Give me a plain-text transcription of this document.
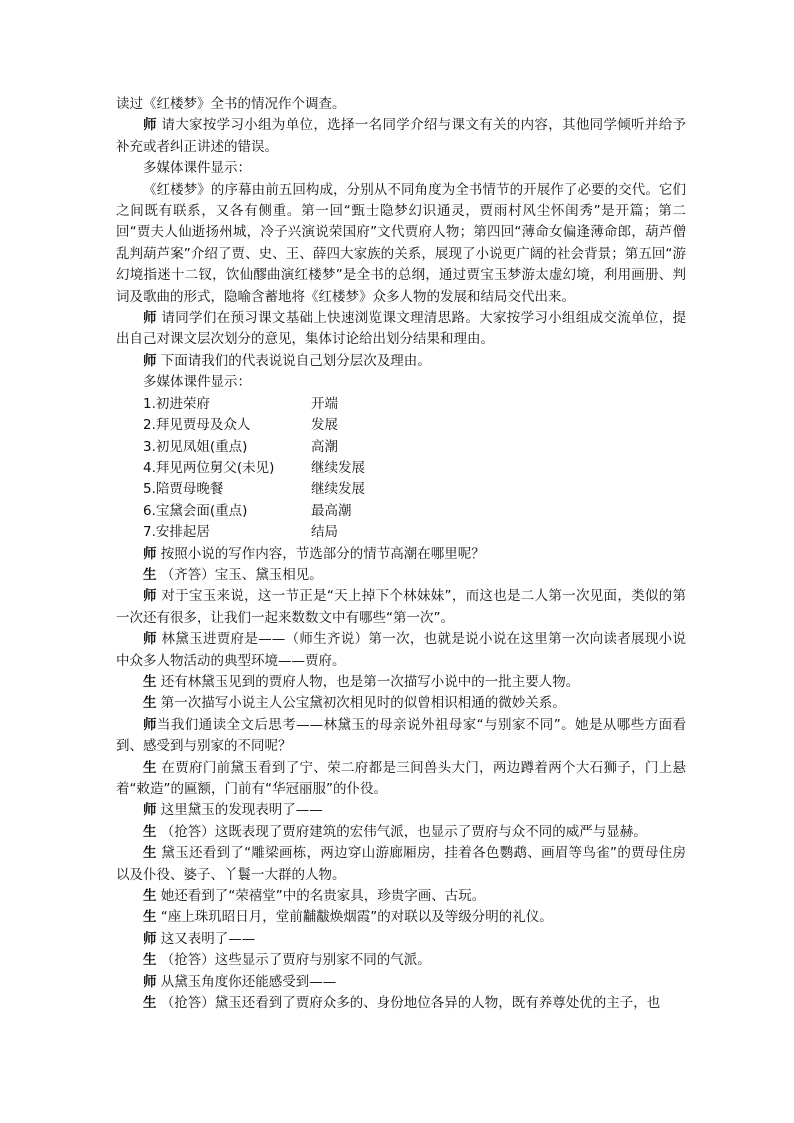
读过《红楼梦》全书的情况作个调查。

师 请大家按学习小组为单位，选择一名同学介绍与课文有关的内容，其他同学倾听并给予补充或者纠正讲述的错误。

多媒体课件显示：

《红楼梦》的序幕由前五回构成，分别从不同角度为全书情节的开展作了必要的交代。它们之间既有联系，又各有侧重。第一回“甄士隐梦幻识通灵，贾雨村风尘怀闺秀”是开篇；第二回“贾夫人仙逝扬州城，冷子兴演说荣国府”文代贾府人物；第四回“薄命女偏逢薄命郎，葫芦僧乱判葫芦案”介绍了贾、史、王、薛四大家族的关系，展现了小说更广阔的社会背景；第五回“游幻境指迷十二钗，饮仙醪曲演红楼梦”是全书的总纲，通过贾宝玉梦游太虚幻境，利用画册、判词及歌曲的形式，隐喻含蓄地将《红楼梦》众多人物的发展和结局交代出来。

师 请同学们在预习课文基础上快速浏览课文理清思路。大家按学习小组组成交流单位，提出自己对课文层次划分的意见，集体讨论给出划分结果和理由。

师 下面请我们的代表说说自己划分层次及理由。

多媒体课件显示：

1.初进荣府	开端
2.拜见贾母及众人	发展
3.初见凤姐(重点)	高潮
4.拜见两位舅父(未见)	继续发展
5.陪贾母晚餐	继续发展
6.宝黛会面(重点)	最高潮
7.安排起居	结局

师 按照小说的写作内容，节选部分的情节高潮在哪里呢？

生 （齐答）宝玉、黛玉相见。

师 对于宝玉来说，这一节正是“天上掉下个林妹妹”，而这也是二人第一次见面，类似的第一次还有很多，让我们一起来数数文中有哪些“第一次”。

师 林黛玉进贾府是——（师生齐说）第一次，也就是说小说在这里第一次向读者展现小说中众多人物活动的典型环境——贾府。

生 还有林黛玉见到的贾府人物，也是第一次描写小说中的一批主要人物。

生 第一次描写小说主人公宝黛初次相见时的似曾相识相通的微妙关系。

师当我们通读全文后思考——林黛玉的母亲说外祖母家“与别家不同”。她是从哪些方面看到、感受到与别家的不同呢？

生 在贾府门前黛玉看到了宁、荣二府都是三间兽头大门，两边蹲着两个大石狮子，门上悬着“敕造”的匾额，门前有“华冠丽服”的仆役。

师 这里黛玉的发现表明了——

生 （抢答）这既表现了贾府建筑的宏伟气派，也显示了贾府与众不同的威严与显赫。

生 黛玉还看到了“雕梁画栋，两边穿山游廊厢房，挂着各色鹦鹉、画眉等鸟雀”的贾母住房以及仆役、婆子、丫鬟一大群的人物。

生 她还看到了“荣禧堂”中的名贵家具，珍贵字画、古玩。

生 “座上珠玑昭日月，堂前黼黻焕烟霞”的对联以及等级分明的礼仪。

师 这又表明了——

生 （抢答）这些显示了贾府与别家不同的气派。

师 从黛玉角度你还能感受到——

生 （抢答）黛玉还看到了贾府众多的、身份地位各异的人物，既有养尊处优的主子，也
